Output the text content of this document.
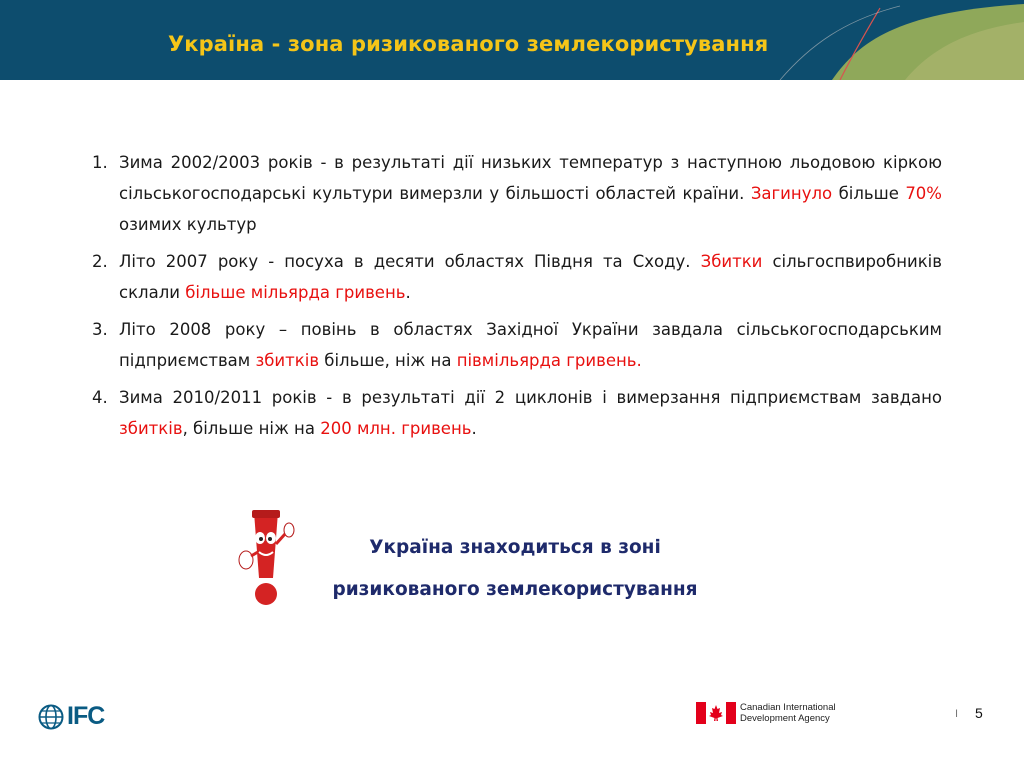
Україна - зона ризикованого землекористування
1. Зима 2002/2003 років - в результаті дії низьких температур з наступною льодовою кіркою сільськогосподарські культури вимерзли у більшості областей країни. Загинуло більше 70% озимих культур
2. Літо 2007 року - посуха в десяти областях Півдня та Сходу. Збитки сільгоспвиробників склали більше мільярда гривень.
3. Літо 2008 року – повінь в областях Західної України завдала сільськогосподарським підприємствам збитків більше, ніж на півмільярда гривень.
4. Зима 2010/2011 років - в результаті дії 2 циклонів і вимерзання підприємствам завдано збитків, більше ніж на 200 млн. гривень.
Україна знаходиться в зоні
ризикованого землекористування
IFC	Canadian International
Development Agency	I 5
